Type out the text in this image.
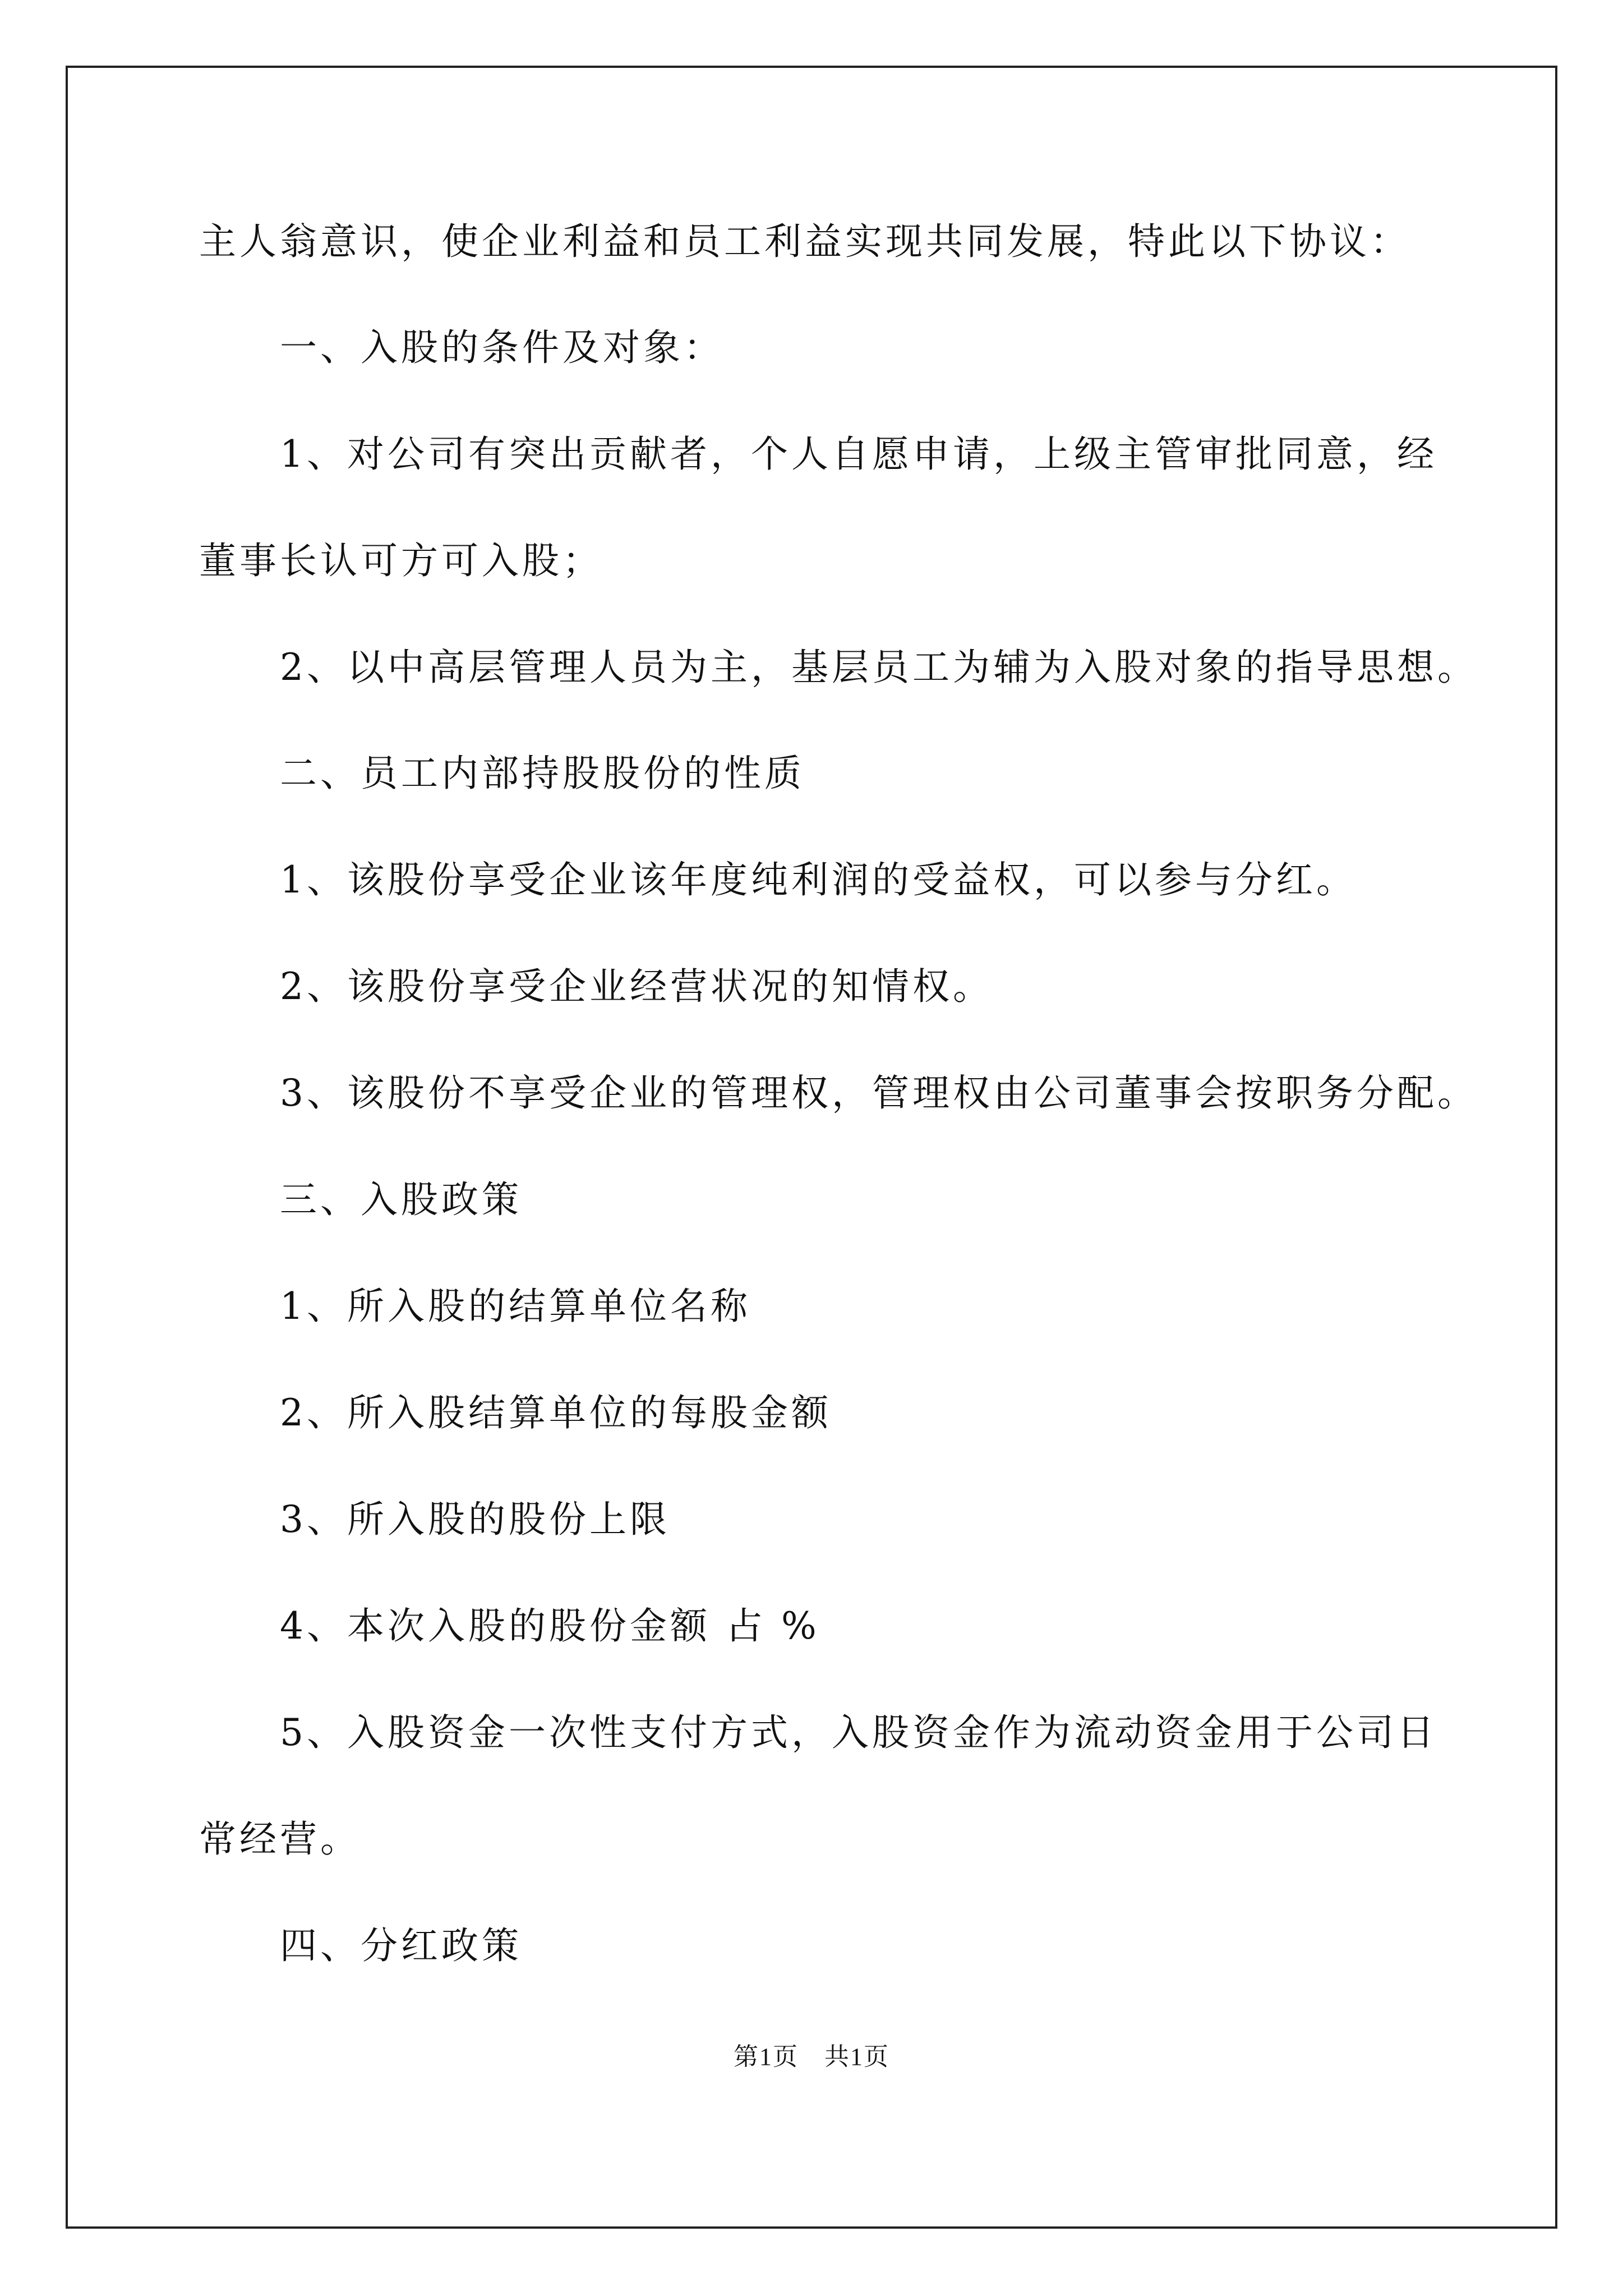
主人翁意识，使企业利益和员工利益实现共同发展，特此以下协议：
　　一、入股的条件及对象：
　　1、对公司有突出贡献者，个人自愿申请，上级主管审批同意，经
董事长认可方可入股；
　　2、以中高层管理人员为主，基层员工为辅为入股对象的指导思想。
　　二、员工内部持股股份的性质
　　1、该股份享受企业该年度纯利润的受益权，可以参与分红。
　　2、该股份享受企业经营状况的知情权。
　　3、该股份不享受企业的管理权，管理权由公司董事会按职务分配。
　　三、入股政策
　　1、所入股的结算单位名称
　　2、所入股结算单位的每股金额
　　3、所入股的股份上限
　　4、本次入股的股份金额 占 %
　　5、入股资金一次性支付方式，入股资金作为流动资金用于公司日
常经营。
　　四、分红政策
第1页　共1页
